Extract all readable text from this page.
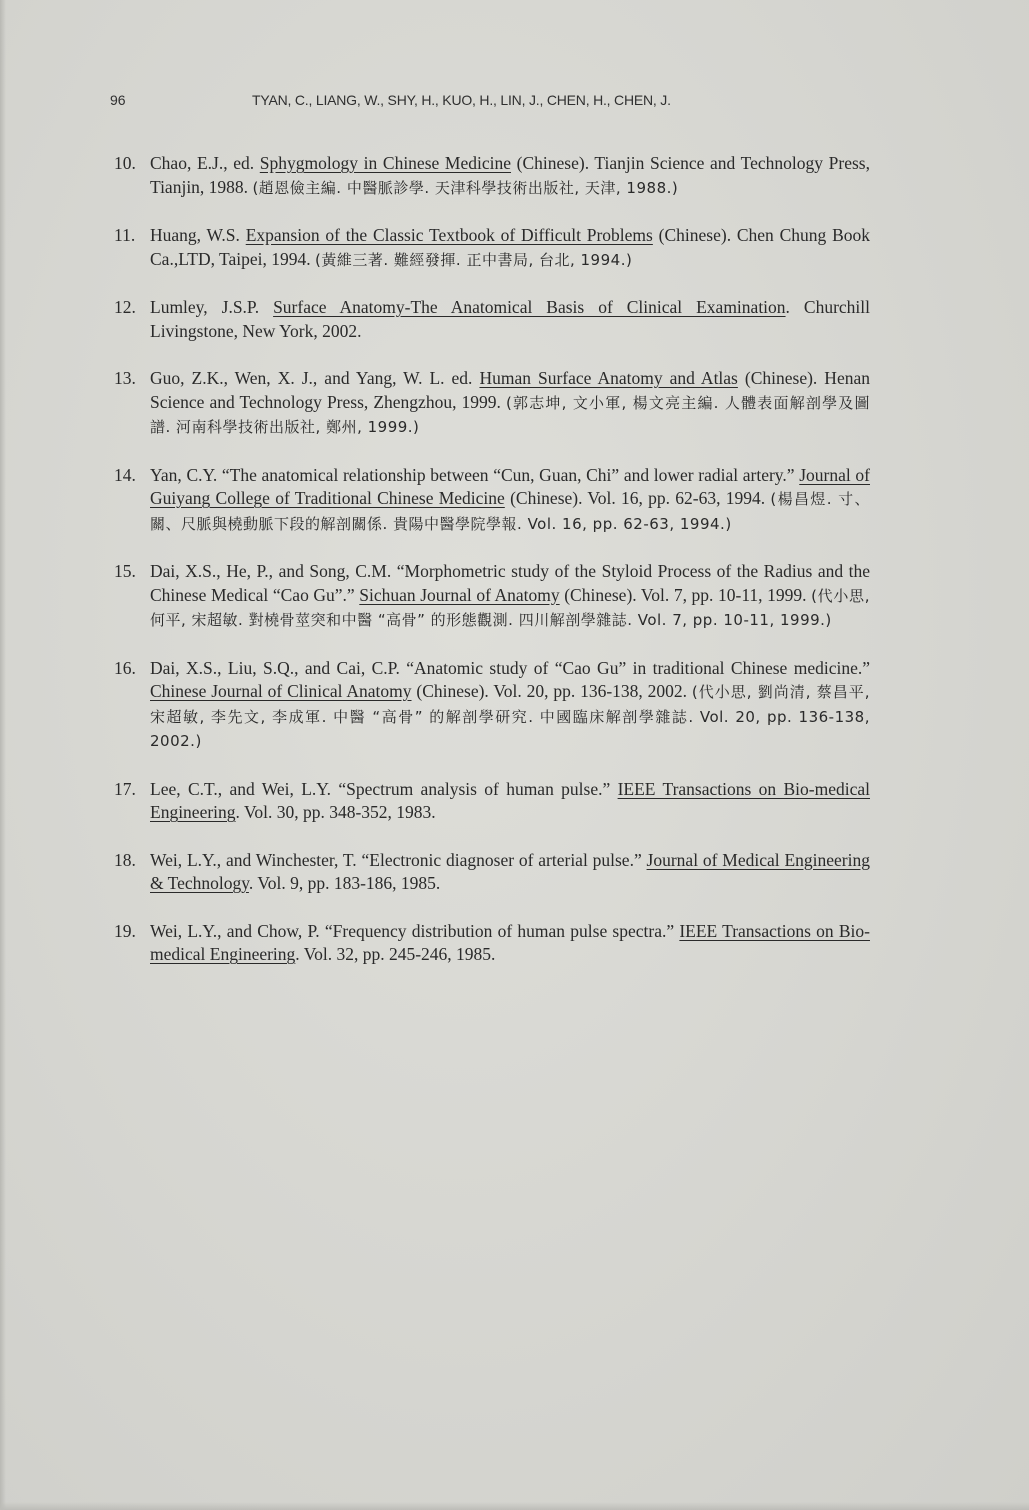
96	TYAN, C., LIANG, W., SHY, H., KUO, H., LIN, J., CHEN, H., CHEN, J.
10. Chao, E.J., ed. Sphygmology in Chinese Medicine (Chinese). Tianjin Science and Technology Press, Tianjin, 1988. (趙恩儉主編. 中醫脈診學. 天津科學技術出版社, 天津, 1988.)
11. Huang, W.S. Expansion of the Classic Textbook of Difficult Problems (Chinese). Chen Chung Book Ca.,LTD, Taipei, 1994. (黃維三著. 難經發揮. 正中書局, 台北, 1994.)
12. Lumley, J.S.P. Surface Anatomy-The Anatomical Basis of Clinical Examination. Churchill Livingstone, New York, 2002.
13. Guo, Z.K., Wen, X. J., and Yang, W. L. ed. Human Surface Anatomy and Atlas (Chinese). Henan Science and Technology Press, Zhengzhou, 1999. (郭志坤, 文小軍, 楊文亮主編. 人體表面解剖學及圖譜. 河南科學技術出版社, 鄭州, 1999.)
14. Yan, C.Y. “The anatomical relationship between “Cun, Guan, Chi” and lower radial artery.” Journal of Guiyang College of Traditional Chinese Medicine (Chinese). Vol. 16, pp. 62-63, 1994. (楊昌煜. 寸、關、尺脈與橈動脈下段的解剖關係. 貴陽中醫學院學報. Vol. 16, pp. 62-63, 1994.)
15. Dai, X.S., He, P., and Song, C.M. “Morphometric study of the Styloid Process of the Radius and the Chinese Medical “Cao Gu”.” Sichuan Journal of Anatomy (Chinese). Vol. 7, pp. 10-11, 1999. (代小思, 何平, 宋超敏. 對橈骨莖突和中醫 “高骨” 的形態觀測. 四川解剖學雜誌. Vol. 7, pp. 10-11, 1999.)
16. Dai, X.S., Liu, S.Q., and Cai, C.P. “Anatomic study of “Cao Gu” in traditional Chinese medicine.” Chinese Journal of Clinical Anatomy (Chinese). Vol. 20, pp. 136-138, 2002. (代小思, 劉尚清, 蔡昌平, 宋超敏, 李先文, 李成軍. 中醫 “高骨” 的解剖學研究. 中國臨床解剖學雜誌. Vol. 20, pp. 136-138, 2002.)
17. Lee, C.T., and Wei, L.Y. “Spectrum analysis of human pulse.” IEEE Transactions on Bio-medical Engineering. Vol. 30, pp. 348-352, 1983.
18. Wei, L.Y., and Winchester, T. “Electronic diagnoser of arterial pulse.” Journal of Medical Engineering & Technology. Vol. 9, pp. 183-186, 1985.
19. Wei, L.Y., and Chow, P. “Frequency distribution of human pulse spectra.” IEEE Transactions on Bio-medical Engineering. Vol. 32, pp. 245-246, 1985.
